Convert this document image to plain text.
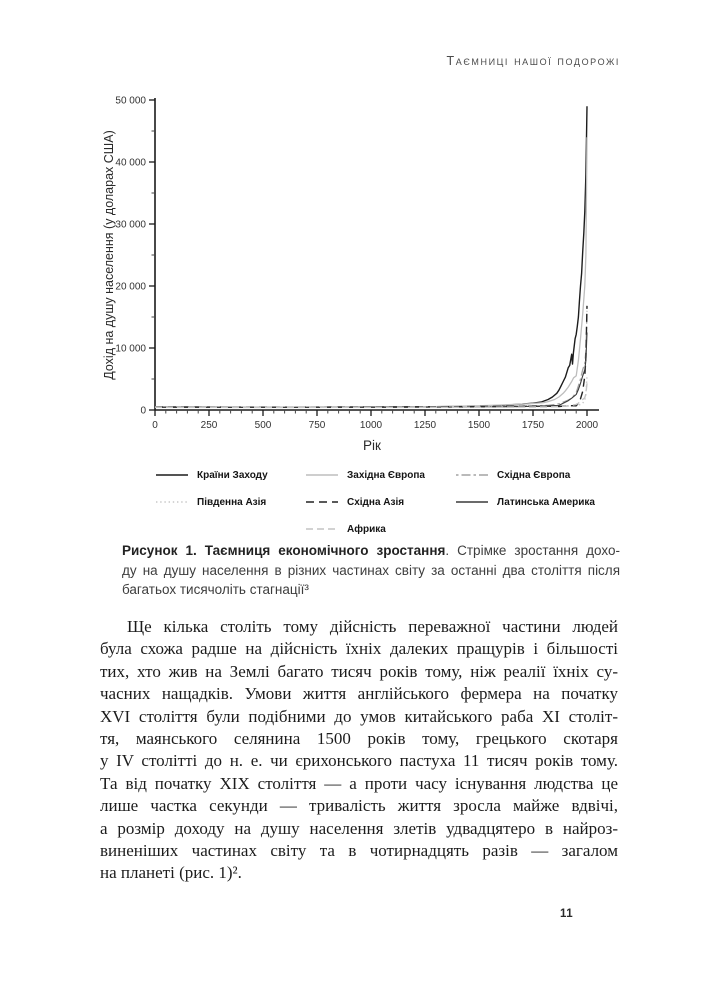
Таємниці нашої подорожі
0	250	500	750	1000	1250	1500	1750	2000
0
10 000
20 000
30 000
40 000
50 000
Рік
Дохід на душу населення (у доларах США)
Країни Заходу	Західна Європа	Східна Європа
Південна Азія	Східна Азія	Латинська Америка
Африка
Рисунок 1. Таємниця економічного зростання. Стрімке зростання дохо-
ду на душу населення в різних частинах світу за останні два століття після
багатьох тисячоліть стагнації³
Ще кілька століть тому дійсність переважної частини людей
була схожа радше на дійсність їхніх далеких пращурів і більшості
тих, хто жив на Землі багато тисяч років тому, ніж реалії їхніх су-
часних нащадків. Умови життя англійського фермера на початку
XVI століття були подібними до умов китайського раба XI століт-
тя, маянського селянина 1500 років тому, грецького скотаря
у IV столітті до н. е. чи єрихонського пастуха 11 тисяч років тому.
Та від початку XIX століття — а проти часу існування людства це
лише частка секунди — тривалість життя зросла майже вдвічі,
а розмір доходу на душу населення злетів удвадцятеро в найроз-
виненіших частинах світу та в чотирнадцять разів — загалом
на планеті (рис. 1)².
11
